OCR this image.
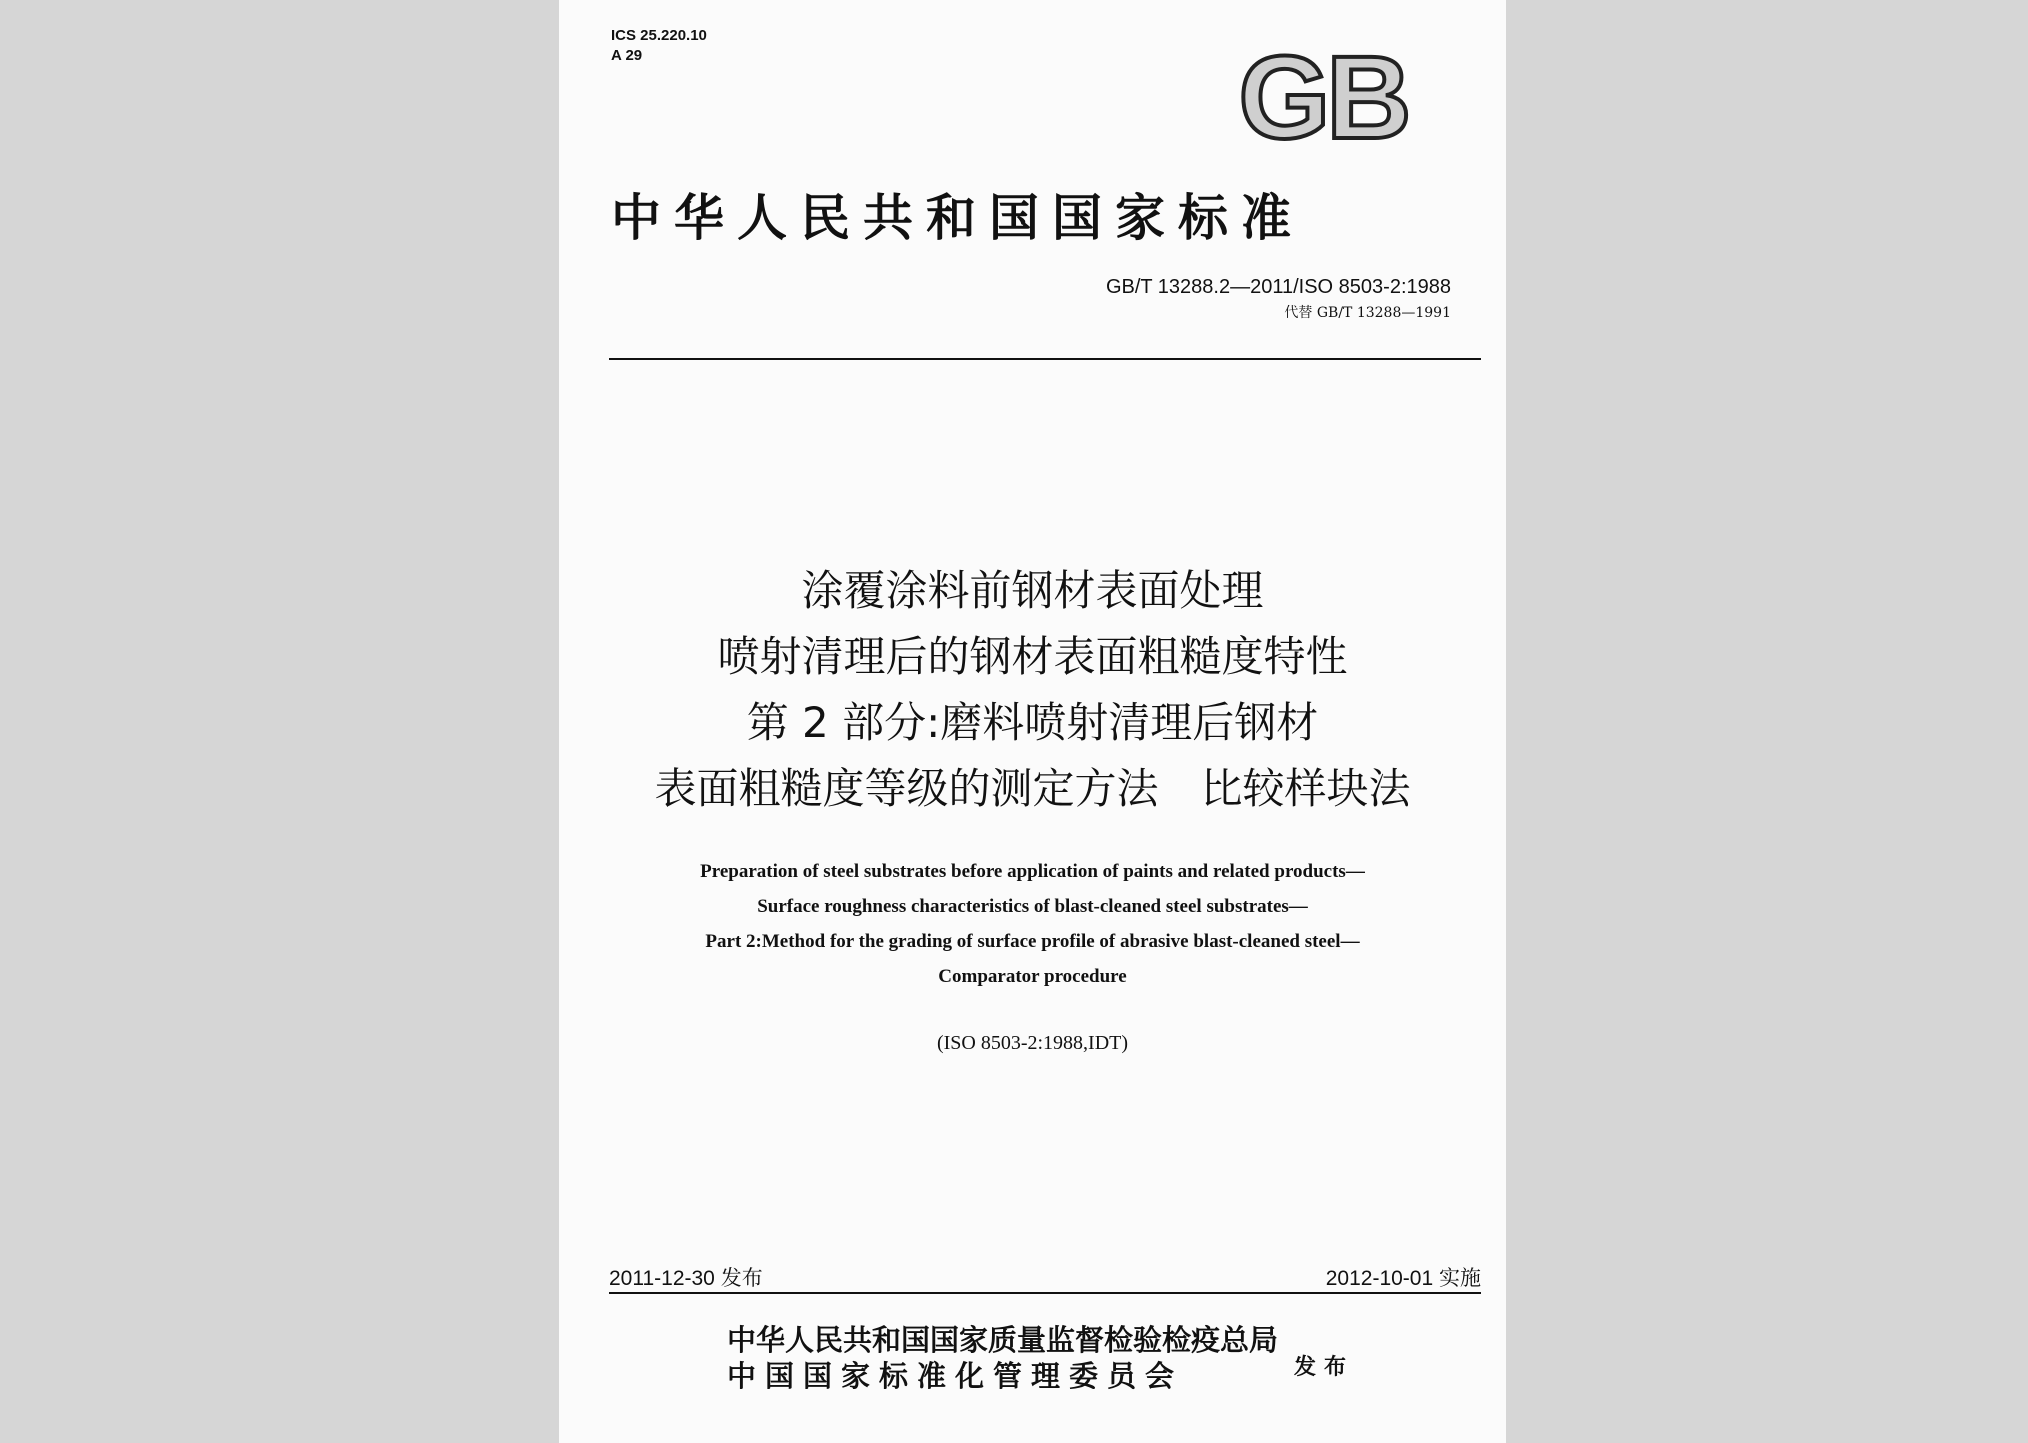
ICS 25.220.10
A 29	GB
中华人民共和国国家标准
GB/T 13288.2—2011/ISO 8503-2:1988
代替 GB/T 13288—1991
涂覆涂料前钢材表面处理
喷射清理后的钢材表面粗糙度特性
第 2 部分:磨料喷射清理后钢材
表面粗糙度等级的测定方法　比较样块法
Preparation of steel substrates before application of paints and related products—
Surface roughness characteristics of blast-cleaned steel substrates—
Part 2:Method for the grading of surface profile of abrasive blast-cleaned steel—
Comparator procedure
(ISO 8503-2:1988,IDT)
2011-12-30 发布	2012-10-01 实施
中华人民共和国国家质量监督检验检疫总局
中国国家标准化管理委员会	发布
